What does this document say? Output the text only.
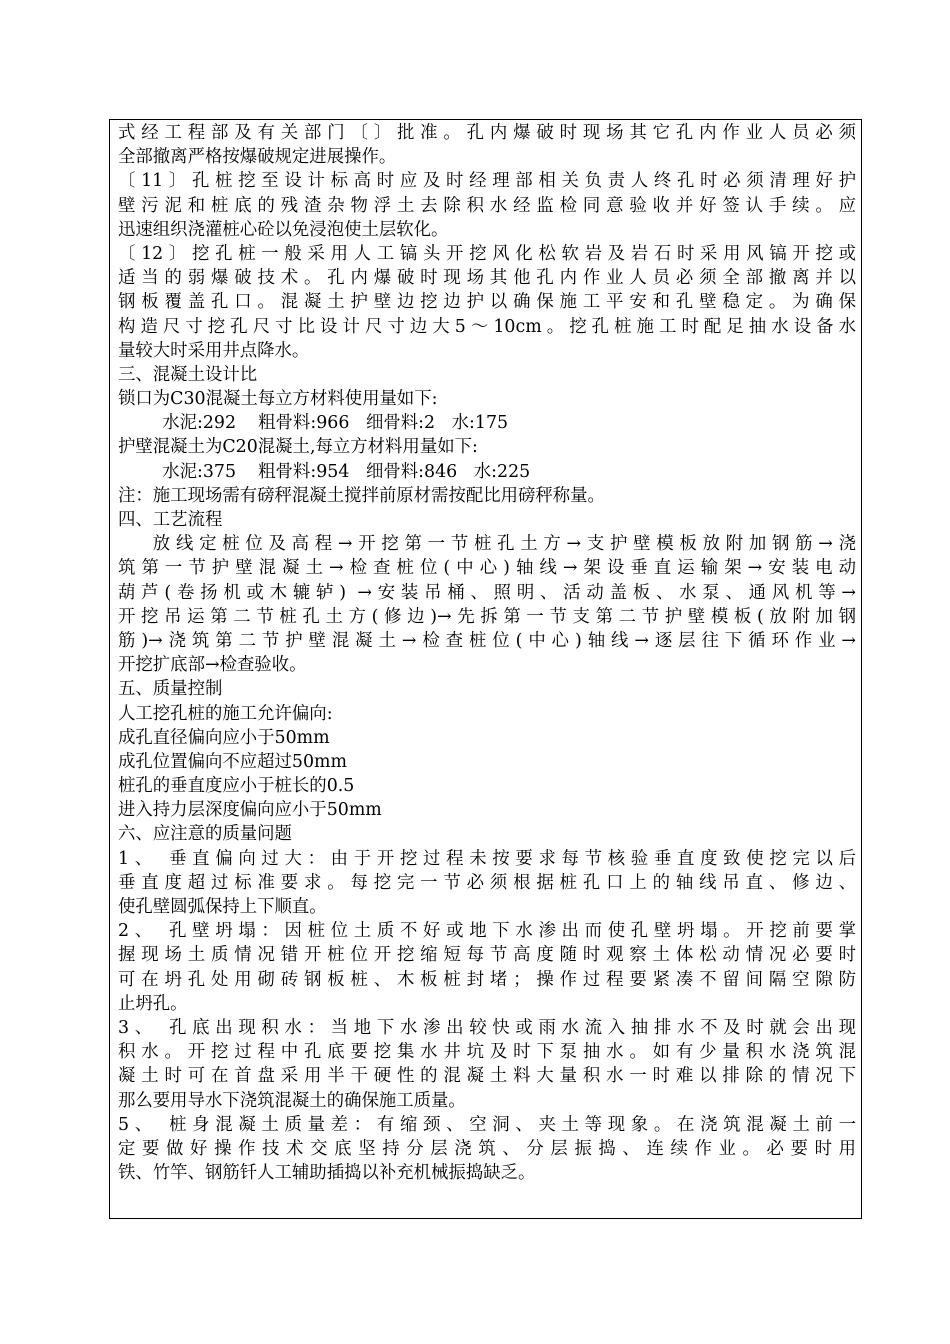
式经工程部及有关部门〔〕批准。孔内爆破时现场其它孔内作业人员必须
全部撤离严格按爆破规定进展操作。
〔11〕孔桩挖至设计标高时应及时经理部相关负责人终孔时必须清理好护
壁污泥和桩底的残渣杂物浮土去除积水经监检同意验收并好签认手续。应
迅速组织浇灌桩心砼以免浸泡使土层软化。
〔12〕挖孔桩一般采用人工镐头开挖风化松软岩及岩石时采用风镐开挖或
适当的弱爆破技术。孔内爆破时现场其他孔内作业人员必须全部撤离并以
钢板覆盖孔口。混凝土护壁边挖边护以确保施工平安和孔壁稳定。为确保
构造尺寸挖孔尺寸比设计尺寸边大5～10cm。挖孔桩施工时配足抽水设备水
量较大时采用井点降水。
三、混凝土设计比
锁口为C30混凝土每立方材料使用量如下:
水泥:292    粗骨料:966   细骨料:2   水:175
护壁混凝土为C20混凝土,每立方材料用量如下:
水泥:375    粗骨料:954   细骨料:846   水:225
注：施工现场需有磅秤混凝土搅拌前原材需按配比用磅秤称量。
四、工艺流程
放线定桩位及高程→开挖第一节桩孔土方→支护壁模板放附加钢筋→浇
筑第一节护壁混凝土→检查桩位(中心)轴线→架设垂直运输架→安装电动
葫芦(卷扬机或木辘轳) →安装吊桶、照明、活动盖板、水泵、通风机等→
开挖吊运第二节桩孔土方(修边)→先拆第一节支第二节护壁模板(放附加钢
筋)→浇筑第二节护壁混凝土→检查桩位(中心)轴线→逐层往下循环作业→
开挖扩底部→检查验收。
五、质量控制
人工挖孔桩的施工允许偏向:
成孔直径偏向应小于50mm
成孔位置偏向不应超过50mm
桩孔的垂直度应小于桩长的0.5
进入持力层深度偏向应小于50mm
六、应注意的质量问题
1、 垂直偏向过大：由于开挖过程未按要求每节核验垂直度致使挖完以后
垂直度超过标准要求。每挖完一节必须根据桩孔口上的轴线吊直、修边、
使孔壁圆弧保持上下顺直。
2、 孔壁坍塌：因桩位土质不好或地下水渗出而使孔壁坍塌。开挖前要掌
握现场土质情况错开桩位开挖缩短每节高度随时观察土体松动情况必要时
可在坍孔处用砌砖钢板桩、木板桩封堵；操作过程要紧凑不留间隔空隙防
止坍孔。
3、 孔底出现积水：当地下水渗出较快或雨水流入抽排水不及时就会出现
积水。开挖过程中孔底要挖集水井坑及时下泵抽水。如有少量积水浇筑混
凝土时可在首盘采用半干硬性的混凝土料大量积水一时难以排除的情况下
那么要用导水下浇筑混凝土的确保施工质量。
5、 桩身混凝土质量差：有缩颈、空洞、夹土等现象。在浇筑混凝土前一
定要做好操作技术交底坚持分层浇筑、分层振捣、连续作业。必要时用
铁、竹竿、钢筋钎人工辅助插捣以补充机械振捣缺乏。
